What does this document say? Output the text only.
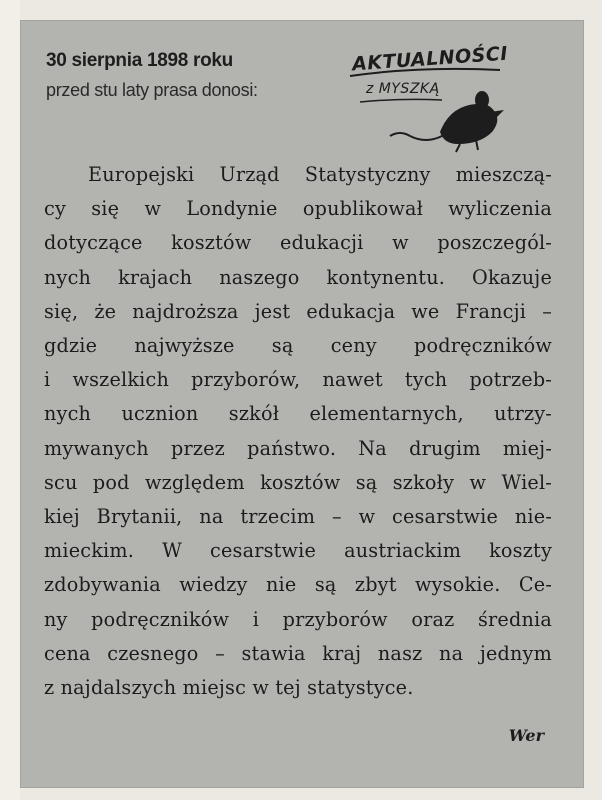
30 sierpnia 1898 roku
przed stu laty prasa donosi:
AKTUALNOŚCI
z MYSZKĄ
Europejski Urząd Statystyczny mieszczą-
cy się w Londynie opublikował wyliczenia
dotyczące kosztów edukacji w poszczegól-
nych krajach naszego kontynentu. Okazuje
się, że najdroższa jest edukacja we Francji –
gdzie najwyższe są ceny podręczników
i wszelkich przyborów, nawet tych potrzeb-
nych ucznion szkół elementarnych, utrzy-
mywanych przez państwo. Na drugim miej-
scu pod względem kosztów są szkoły w Wiel-
kiej Brytanii, na trzecim – w cesarstwie nie-
mieckim. W cesarstwie austriackim koszty
zdobywania wiedzy nie są zbyt wysokie. Ce-
ny podręczników i przyborów oraz średnia
cena czesnego – stawia kraj nasz na jednym
z najdalszych miejsc w tej statystyce.
Wer
